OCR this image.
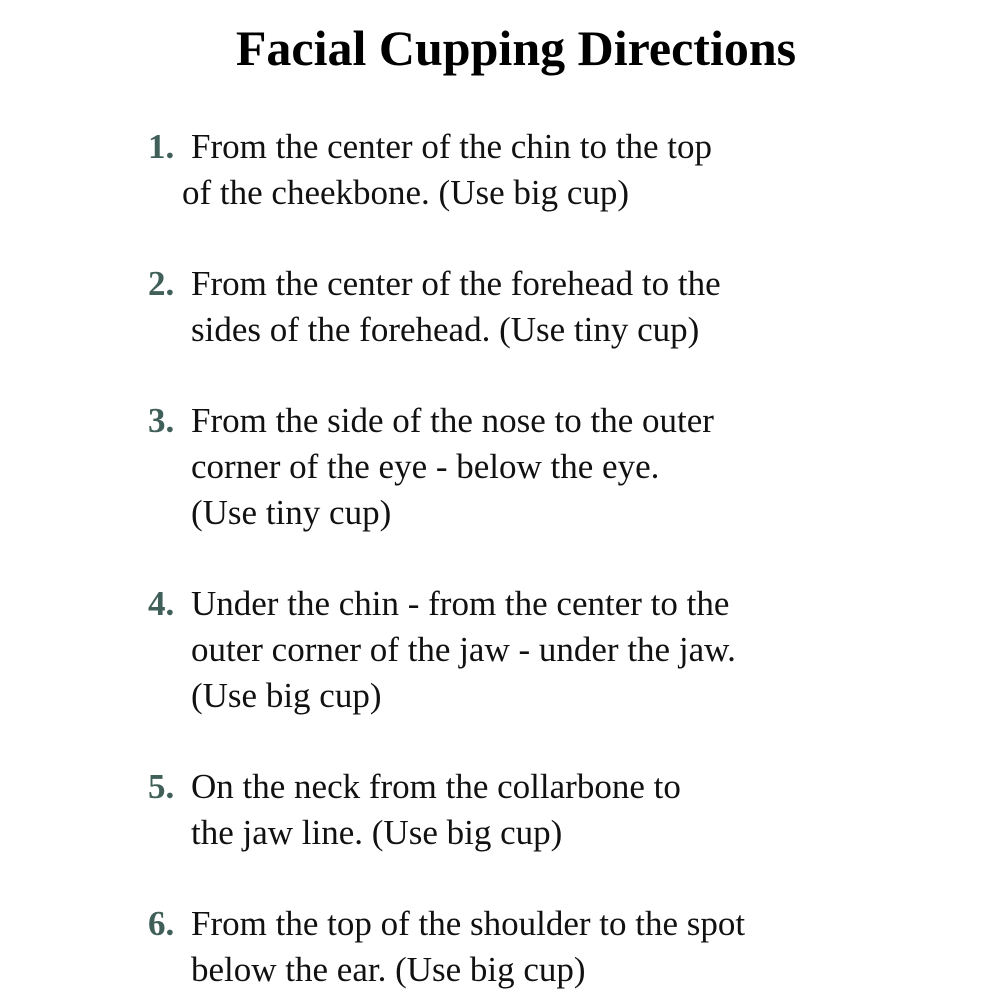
Facial Cupping Directions
1. From the center of the chin to the top
of the cheekbone. (Use big cup)
2. From the center of the forehead to the
sides of the forehead. (Use tiny cup)
3. From the side of the nose to the outer
corner of the eye - below the eye.
(Use tiny cup)
4. Under the chin - from the center to the
outer corner of the jaw - under the jaw.
(Use big cup)
5. On the neck from the collarbone to
the jaw line. (Use big cup)
6. From the top of the shoulder to the spot
below the ear. (Use big cup)
